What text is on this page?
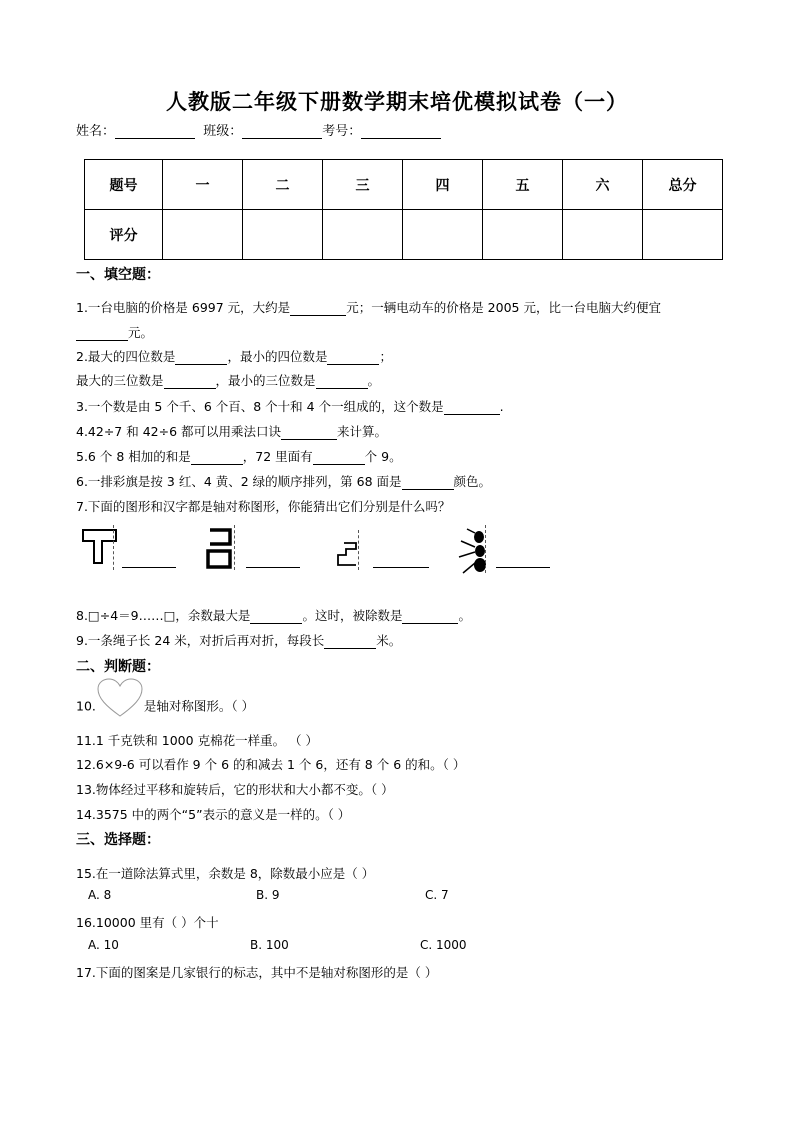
人教版二年级下册数学期末培优模拟试卷（一）
姓名：	班级：	考号：
题号	一	二	三	四	五	六	总分
评分							
一、填空题：
1.一台电脑的价格是 6997 元，大约是	元；一辆电动车的价格是 2005 元，比一台电脑大约便宜
元。
2.最大的四位数是	，最小的四位数是	；
最大的三位数是	，最小的三位数是	。
3.一个数是由 5 个千、6 个百、8 个十和 4 个一组成的，这个数是	.
4.42÷7 和 42÷6 都可以用乘法口诀	来计算。
5.6 个 8 相加的和是	，72 里面有	个 9。
6.一排彩旗是按 3 红、4 黄、2 绿的顺序排列，第 68 面是	颜色。
7.下面的图形和汉字都是轴对称图形，你能猜出它们分别是什么吗？
8.□÷4＝9……□，余数最大是	。这时，被除数是	。
9.一条绳子长 24 米，对折后再对折，每段长	米。
二、判断题：
10.	是轴对称图形。（ ）
11.1 千克铁和 1000 克棉花一样重。 （ ）
12.6×9-6 可以看作 9 个 6 的和减去 1 个 6，还有 8 个 6 的和。（ ）
13.物体经过平移和旋转后，它的形状和大小都不变。（ ）
14.3575 中的两个“5”表示的意义是一样的。（ ）
三、选择题：
15.在一道除法算式里，余数是 8，除数最小应是（ ）
A. 8	B. 9	C. 7
16.10000 里有（ ）个十
A. 10	B. 100	C. 1000
17.下面的图案是几家银行的标志，其中不是轴对称图形的是（ ）
